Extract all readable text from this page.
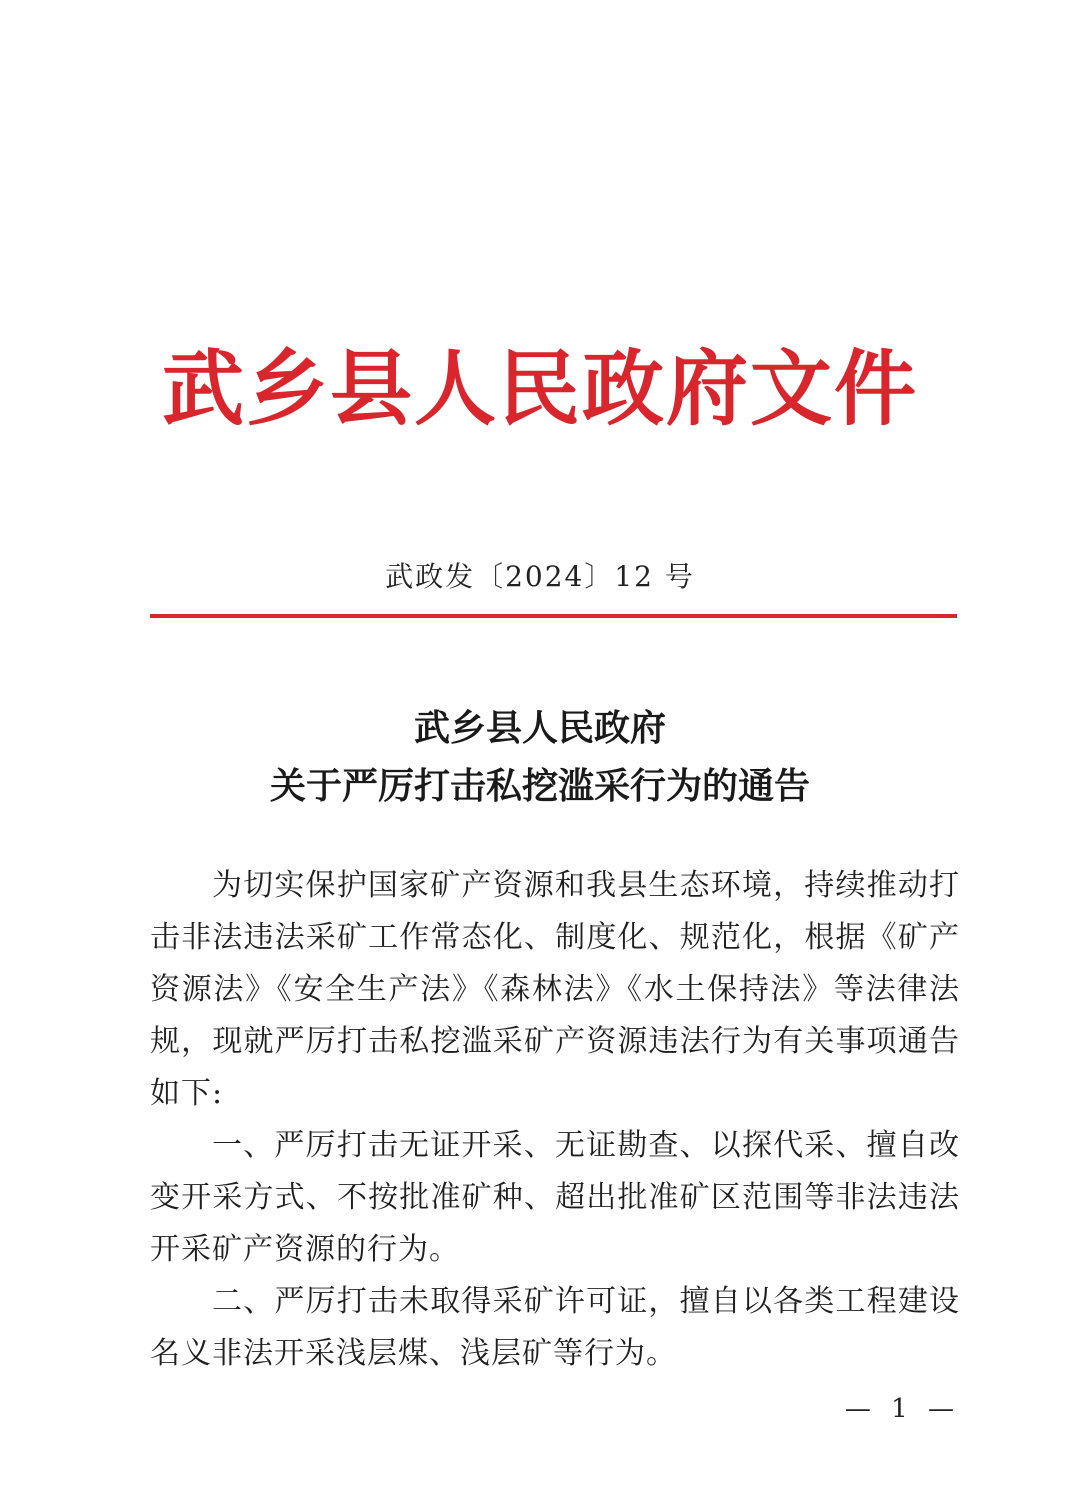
武乡县人民政府文件
武政发〔2024〕12 号
武乡县人民政府
关于严厉打击私挖滥采行为的通告

为切实保护国家矿产资源和我县生态环境，持续推动打击非法违法采矿工作常态化、制度化、规范化，根据《矿产资源法》《安全生产法》《森林法》《水土保持法》等法律法规，现就严厉打击私挖滥采矿产资源违法行为有关事项通告如下:

一、严厉打击无证开采、无证勘查、以探代采、擅自改变开采方式、不按批准矿种、超出批准矿区范围等非法违法开采矿产资源的行为。

二、严厉打击未取得采矿许可证，擅自以各类工程建设名义非法开采浅层煤、浅层矿等行为。

— 1 —
